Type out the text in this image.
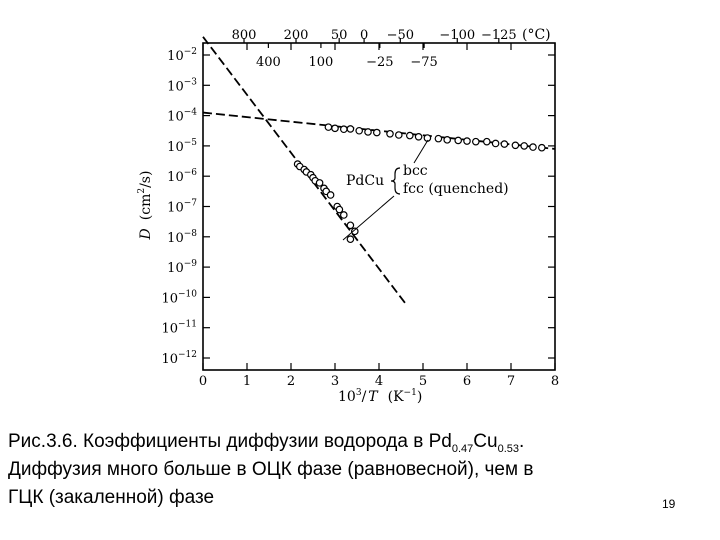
$10^{-2}$
$10^{-3}$
$10^{-4}$
$10^{-5}$
$10^{-6}$
$10^{-7}$
$10^{-8}$
$10^{-9}$
$10^{-10}$
$10^{-11}$
$10^{-12}$
0	1	2	3	4	5	6	7	8
800 200 50 0 −50 −100 −125
400 100	−25 −75
(°C)
$10^3/$ T $(K^{-1})$
$D(cm^2/s)$	PdCu
bcc
fcc (quenched)
Рис.3.6. Коэффициенты диффузии водорода в $Pd_{0.47}Cu_{0.53}$.
Диффузия много больше в ОЦК фазе (равновесной), чем в
ГЦК (закаленной) фазе	19
